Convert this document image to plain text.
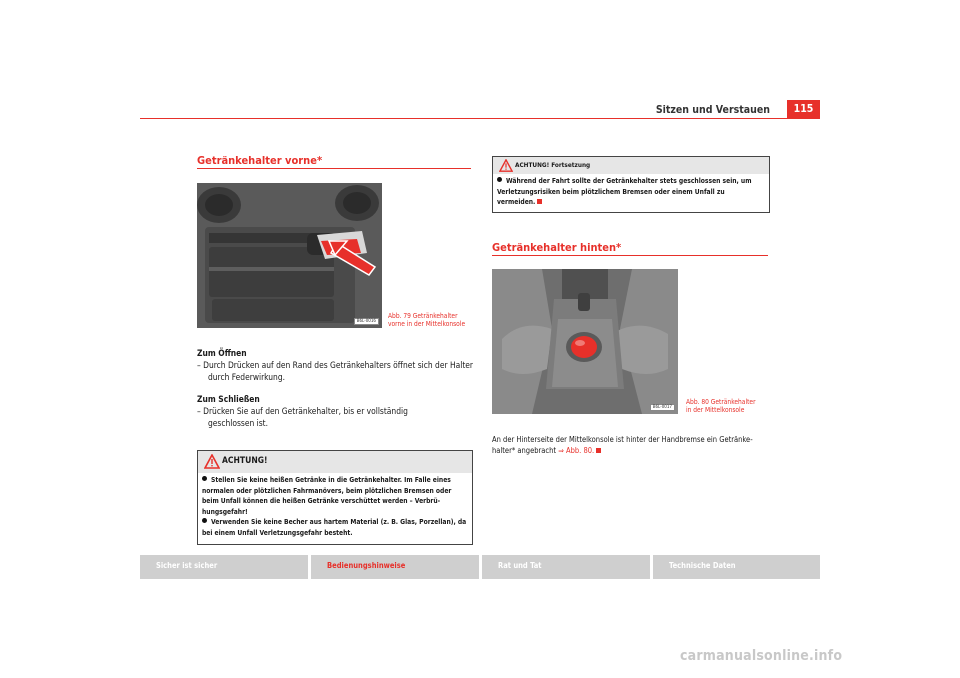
Sitzen und Verstauen	115
Getränkehalter vorne*
B6L-0016
Abb. 79 Getränkehalter
vorne in der Mittelkonsole
Zum Öffnen
– Durch Drücken auf den Rand des Getränkehalters öffnet sich der Halter durch Federwirkung.
Zum Schließen
– Drücken Sie auf den Getränkehalter, bis er vollständig geschlossen ist.
ACHTUNG!

Stellen Sie keine heißen Getränke in die Getränkehalter. Im Falle eines normalen oder plötzlichen Fahrmanövers, beim plötzlichen Bremsen oder beim Unfall können die heißen Getränke verschüttet werden – Verbrü-hungsgefahr!

Verwenden Sie keine Becher aus hartem Material (z. B. Glas, Porzellan), da bei einem Unfall Verletzungsgefahr besteht.

ACHTUNG! Fortsetzung

Während der Fahrt sollte der Getränkehalter stets geschlossen sein, um Verletzungsrisiken beim plötzlichem Bremsen oder einem Unfall zu vermeiden.

Getränkehalter hinten*
B6L-0017
Abb. 80 Getränkehalter
in der Mittelkonsole
An der Hinterseite der Mittelkonsole ist hinter der Handbremse ein Getränke-halter* angebracht ⇒ Abb. 80.
Sicher ist sicher	Bedienungshinweise	Rat und Tat	Technische Daten
carmanualsonline.info
